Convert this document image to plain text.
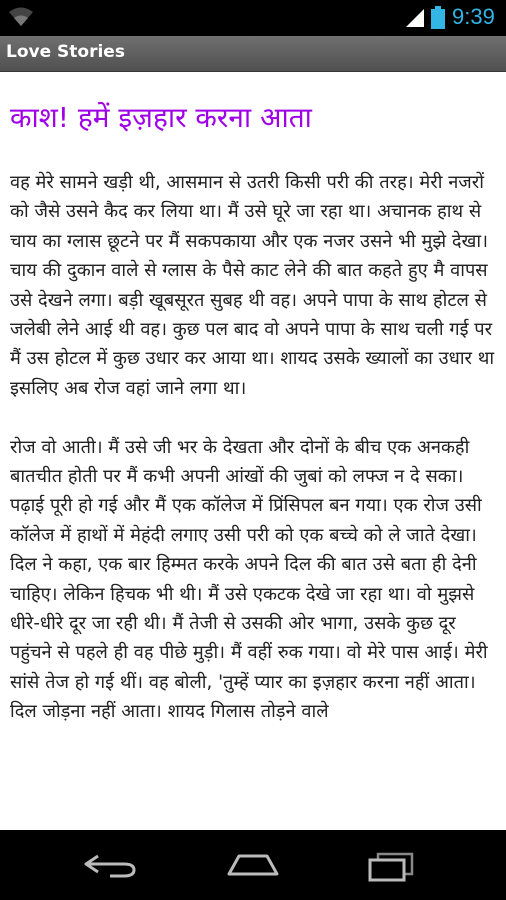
9:39
Love Stories
काश! हमें इज़हार करना आता

वह मेरे सामने खड़ी थी, आसमान से उतरी किसी परी की तरह। मेरी नजरों को जैसे उसने कैद कर लिया था। मैं उसे घूरे जा रहा था। अचानक हाथ से चाय का ग्लास छूटने पर मैं सकपकाया और एक नजर उसने भी मुझे देखा। चाय की दुकान वाले से ग्लास के पैसे काट लेने की बात कहते हुए मै वापस उसे देखने लगा। बड़ी खूबसूरत सुबह थी वह। अपने पापा के साथ होटल से जलेबी लेने आई थी वह। कुछ पल बाद वो अपने पापा के साथ चली गई पर मैं उस होटल में कुछ उधार कर आया था। शायद उसके ख्यालों का उधार था इसलिए अब रोज वहां जाने लगा था।

रोज वो आती। मैं उसे जी भर के देखता और दोनों के बीच एक अनकही बातचीत होती पर मैं कभी अपनी आंखों की जुबां को लफ्ज न दे सका। पढ़ाई पूरी हो गई और मैं एक कॉलेज में प्रिंसिपल बन गया। एक रोज उसी कॉलेज में हाथों में मेहंदी लगाए उसी परी को एक बच्चे को ले जाते देखा। दिल ने कहा, एक बार हिम्मत करके अपने दिल की बात उसे बता ही देनी चाहिए। लेकिन हिचक भी थी। मैं उसे एकटक देखे जा रहा था। वो मुझसे धीरे-धीरे दूर जा रही थी। मैं तेजी से उसकी ओर भागा, उसके कुछ दूर पहुंचने से पहले ही वह पीछे मुड़ी। मैं वहीं रुक गया। वो मेरे पास आई। मेरी सांसे तेज हो गई थीं। वह बोली, 'तुम्हें प्यार का इज़हार करना नहीं आता। दिल जोड़ना नहीं आता। शायद गिलास तोड़ने वाले
